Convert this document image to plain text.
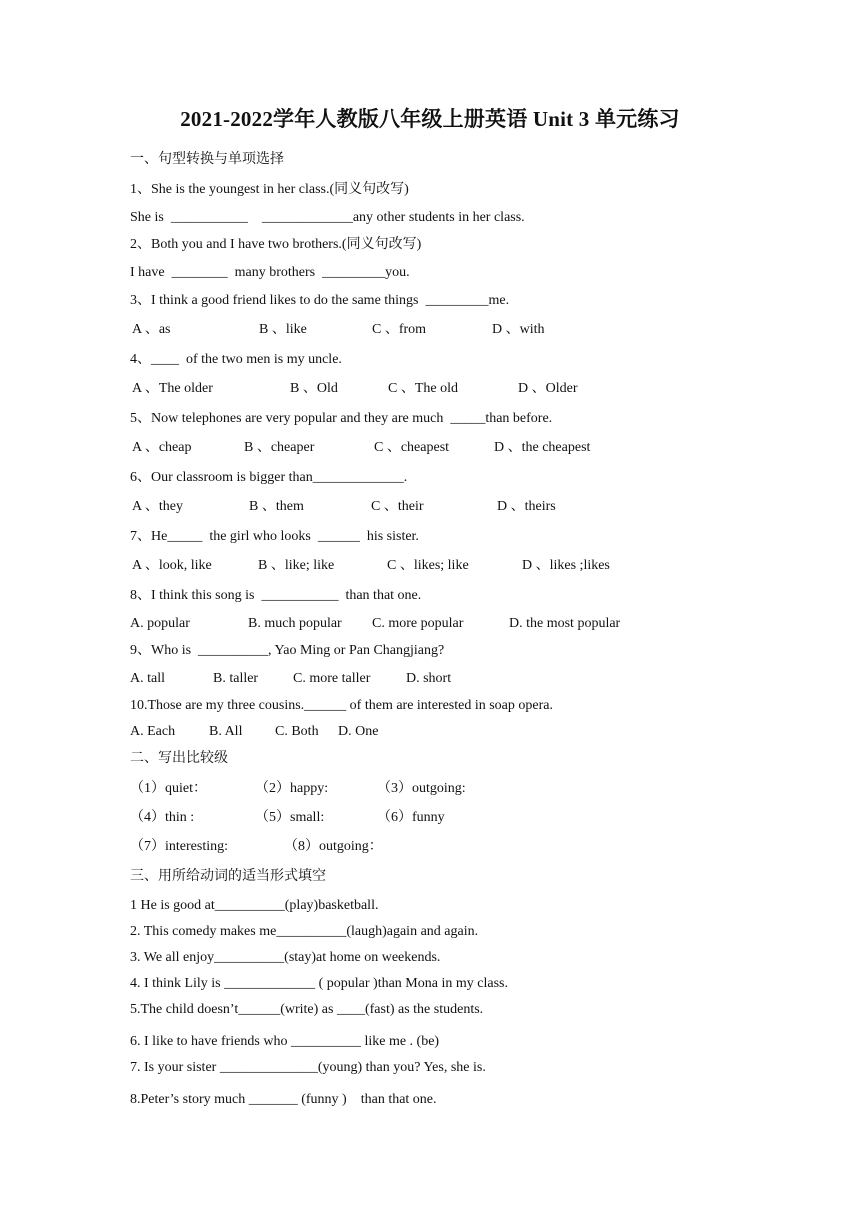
2021-2022学年人教版八年级上册英语 Unit 3 单元练习
一、句型转换与单项选择
1、She is the youngest in her class.(同义句改写)
She is  ___________    _____________any other students in her class.
2、Both you and I have two brothers.(同义句改写)
I have  ________  many brothers  _________you.
3、I think a good friend likes to do the same things  _________me.
A 、as	B 、like	C 、from	D 、with
4、____  of the two men is my uncle.
A 、The older	B 、Old	C 、The old	D 、Older
5、Now telephones are very popular and they are much  _____than before.
A 、cheap	B 、cheaper	C 、cheapest	D 、the cheapest
6、Our classroom is bigger than_____________.
A 、they	B 、them	C 、their	D 、theirs
7、He_____  the girl who looks  ______  his sister.
A 、look, like	B 、like; like	C 、likes; like	D 、likes ;likes
8、I think this song is  ___________  than that one.
A. popular	B. much popular C. more popular	D. the most popular
9、Who is  __________, Yao Ming or Pan Changjiang?
A. tall	B. taller C. more taller	D. short
10.Those are my three cousins.______ of them are interested in soap opera.
A. Each B. All C. Both D. One
二、写出比较级
（1）quiet：	（2）happy:	（3）outgoing:
（4）thin :	（5）small:	（6）funny
（7）interesting:	（8）outgoing：
三、用所给动词的适当形式填空
1 He is good at__________(play)basketball.
2. This comedy makes me__________(laugh)again and again.
3. We all enjoy__________(stay)at home on weekends.
4. I think Lily is _____________ ( popular )than Mona in my class.
5.The child doesn’t______(write) as ____(fast) as the students.
6. I like to have friends who __________ like me . (be)
7. Is your sister ______________(young) than you? Yes, she is.
8.Peter’s story much _______ (funny )    than that one.
